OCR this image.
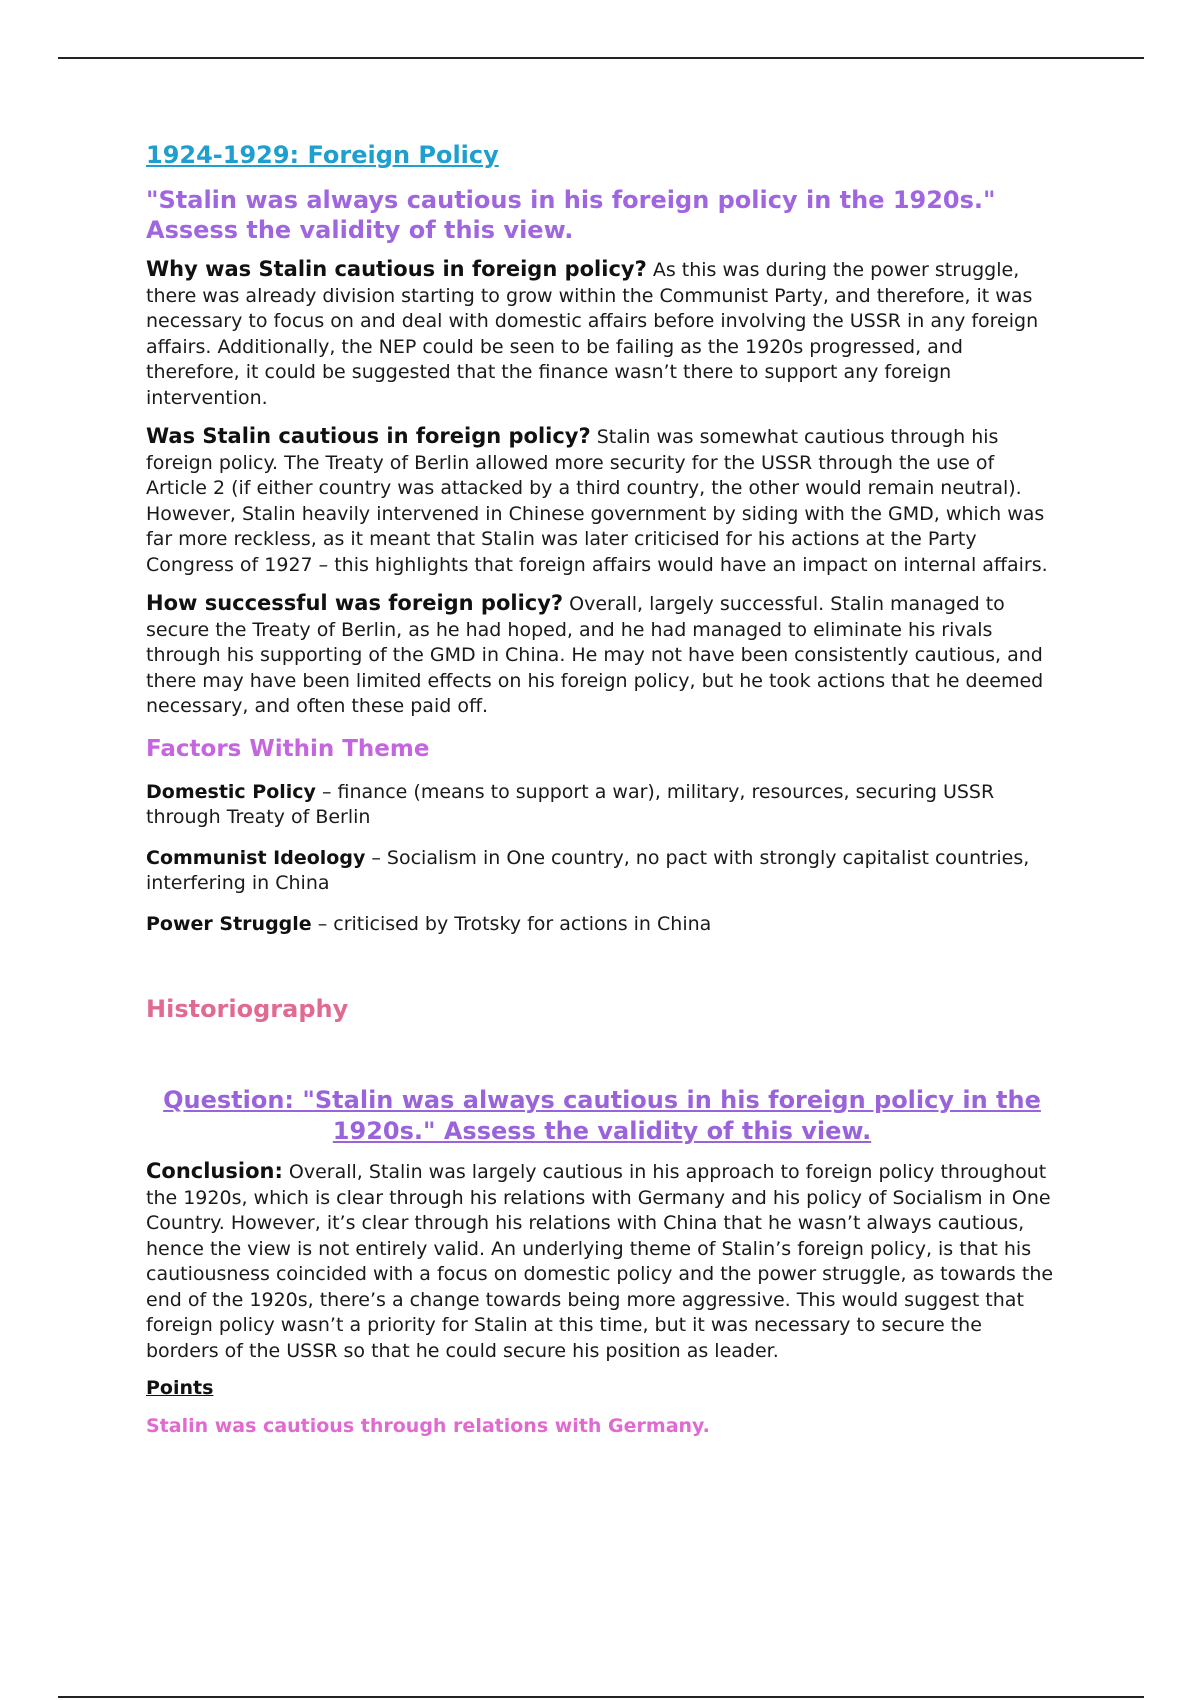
1924-1929: Foreign Policy
"Stalin was always cautious in his foreign policy in the 1920s." Assess the validity of this view.

Why was Stalin cautious in foreign policy? As this was during the power struggle, there was already division starting to grow within the Communist Party, and therefore, it was necessary to focus on and deal with domestic affairs before involving the USSR in any foreign affairs. Additionally, the NEP could be seen to be failing as the 1920s progressed, and therefore, it could be suggested that the finance wasn’t there to support any foreign intervention.

Was Stalin cautious in foreign policy? Stalin was somewhat cautious through his foreign policy. The Treaty of Berlin allowed more security for the USSR through the use of Article 2 (if either country was attacked by a third country, the other would remain neutral). However, Stalin heavily intervened in Chinese government by siding with the GMD, which was far more reckless, as it meant that Stalin was later criticised for his actions at the Party Congress of 1927 – this highlights that foreign affairs would have an impact on internal affairs.

How successful was foreign policy? Overall, largely successful. Stalin managed to secure the Treaty of Berlin, as he had hoped, and he had managed to eliminate his rivals through his supporting of the GMD in China. He may not have been consistently cautious, and there may have been limited effects on his foreign policy, but he took actions that he deemed necessary, and often these paid off.

Factors Within Theme

Domestic Policy – finance (means to support a war), military, resources, securing USSR through Treaty of Berlin

Communist Ideology – Socialism in One country, no pact with strongly capitalist countries, interfering in China

Power Struggle – criticised by Trotsky for actions in China

Historiography
Question: "Stalin was always cautious in his foreign policy in the 1920s." Assess the validity of this view.

Conclusion: Overall, Stalin was largely cautious in his approach to foreign policy throughout the 1920s, which is clear through his relations with Germany and his policy of Socialism in One Country. However, it’s clear through his relations with China that he wasn’t always cautious, hence the view is not entirely valid. An underlying theme of Stalin’s foreign policy, is that his cautiousness coincided with a focus on domestic policy and the power struggle, as towards the end of the 1920s, there’s a change towards being more aggressive. This would suggest that foreign policy wasn’t a priority for Stalin at this time, but it was necessary to secure the borders of the USSR so that he could secure his position as leader.

Points
Stalin was cautious through relations with Germany.
